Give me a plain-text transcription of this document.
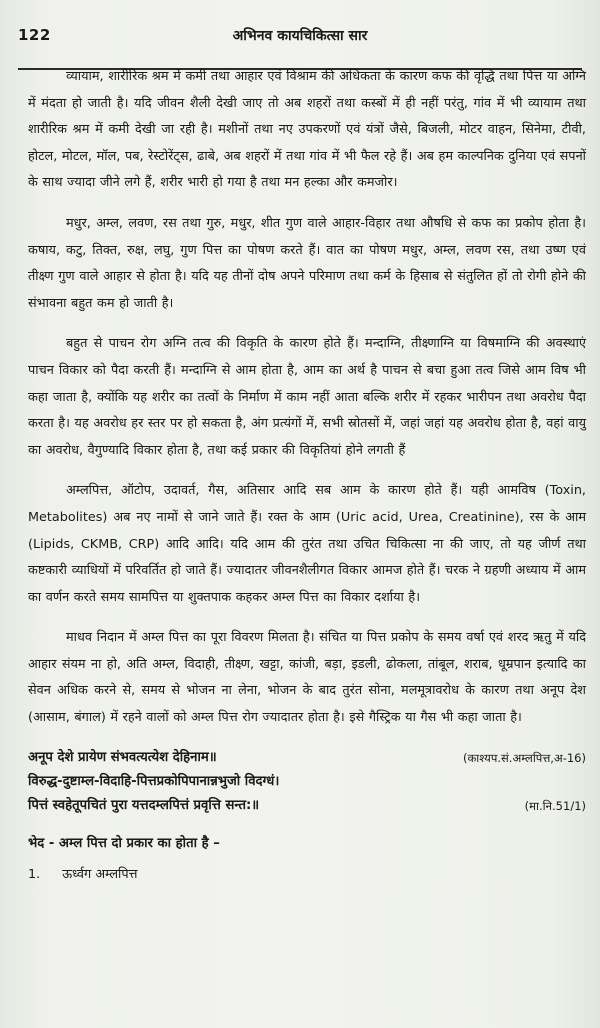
122	अभिनव कायचिकित्सा सार

व्यायाम, शारीरिक श्रम में कमी तथा आहार एवं विश्राम की अधिकता के कारण कफ की वृद्धि तथा पित्त या अग्नि में मंदता हो जाती है। यदि जीवन शैली देखी जाए तो अब शहरों तथा कस्बों में ही नहीं परंतु, गांव में भी व्यायाम तथा शारीरिक श्रम में कमी देखी जा रही है। मशीनों तथा नए उपकरणों एवं यंत्रों जैसे, बिजली, मोटर वाहन, सिनेमा, टीवी, होटल, मोटल, मॉल, पब, रेस्टोरेंट्स, ढाबे, अब शहरों में तथा गांव में भी फैल रहे हैं। अब हम काल्पनिक दुनिया एवं सपनों के साथ ज्यादा जीने लगे हैं, शरीर भारी हो गया है तथा मन हल्का और कमजोर।

मधुर, अम्ल, लवण, रस तथा गुरु, मधुर, शीत गुण वाले आहार-विहार तथा औषधि से कफ का प्रकोप होता है। कषाय, कटु, तिक्त, रुक्ष, लघु, गुण पित्त का पोषण करते हैं। वात का पोषण मधुर, अम्ल, लवण रस, तथा उष्ण एवं तीक्ष्ण गुण वाले आहार से होता है। यदि यह तीनों दोष अपने परिमाण तथा कर्म के हिसाब से संतुलित हों तो रोगी होने की संभावना बहुत कम हो जाती है।

बहुत से पाचन रोग अग्नि तत्व की विकृति के कारण होते हैं। मन्दाग्नि, तीक्ष्णाग्नि या विषमाग्नि की अवस्थाएं पाचन विकार को पैदा करती हैं। मन्दाग्नि से आम होता है, आम का अर्थ है पाचन से बचा हुआ तत्व जिसे आम विष भी कहा जाता है, क्योंकि यह शरीर का तत्वों के निर्माण में काम नहीं आता बल्कि शरीर में रहकर भारीपन तथा अवरोध पैदा करता है। यह अवरोध हर स्तर पर हो सकता है, अंग प्रत्यंगों में, सभी स्रोतसों में, जहां जहां यह अवरोध होता है, वहां वायु का अवरोध, वैगुण्यादि विकार होता है, तथा कई प्रकार की विकृतियां होने लगती हैं

अम्लपित्त, ऑटोप, उदावर्त, गैस, अतिसार आदि सब आम के कारण होते हैं। यही आमविष (Toxin, Metabolites) अब नए नामों से जाने जाते हैं। रक्त के आम (Uric acid, Urea, Creatinine), रस के आम (Lipids, CKMB, CRP) आदि आदि। यदि आम की तुरंत तथा उचित चिकित्सा ना की जाए, तो यह जीर्ण तथा कष्टकारी व्याधियों में परिवर्तित हो जाते हैं। ज्यादातर जीवनशैलीगत विकार आमज होते हैं। चरक ने ग्रहणी अध्याय में आम का वर्णन करते समय सामपित्त या शुक्तपाक कहकर अम्ल पित्त का विकार दर्शाया है।

माधव निदान में अम्ल पित्त का पूरा विवरण मिलता है। संचित या पित्त प्रकोप के समय वर्षा एवं शरद ऋतु में यदि आहार संयम ना हो, अति अम्ल, विदाही, तीक्ष्ण, खट्टा, कांजी, बड़ा, इडली, ढोकला, तांबूल, शराब, धूम्रपान इत्यादि का सेवन अधिक करने से, समय से भोजन ना लेना, भोजन के बाद तुरंत सोना, मलमूत्रावरोध के कारण तथा अनूप देश (आसाम, बंगाल) में रहने वालों को अम्ल पित्त रोग ज्यादातर होता है। इसे गैस्ट्रिक या गैस भी कहा जाता है।

अनूप देशे प्रायेण संभवत्यत्येश देहिनाम॥	(काश्यप.सं.अम्लपित्त,अ-16)
विरुद्ध-दुष्टाम्ल-विदाहि-पित्तप्रकोपिपानान्नभुजो विदग्धं।
पित्तं स्वहेतूपचितं पुरा यत्तदम्लपित्तं प्रवृत्ति सन्त:॥	(मा.नि.51/1)
भेद - अम्ल पित्त दो प्रकार का होता है –
1. ऊर्ध्वग अम्लपित्त
